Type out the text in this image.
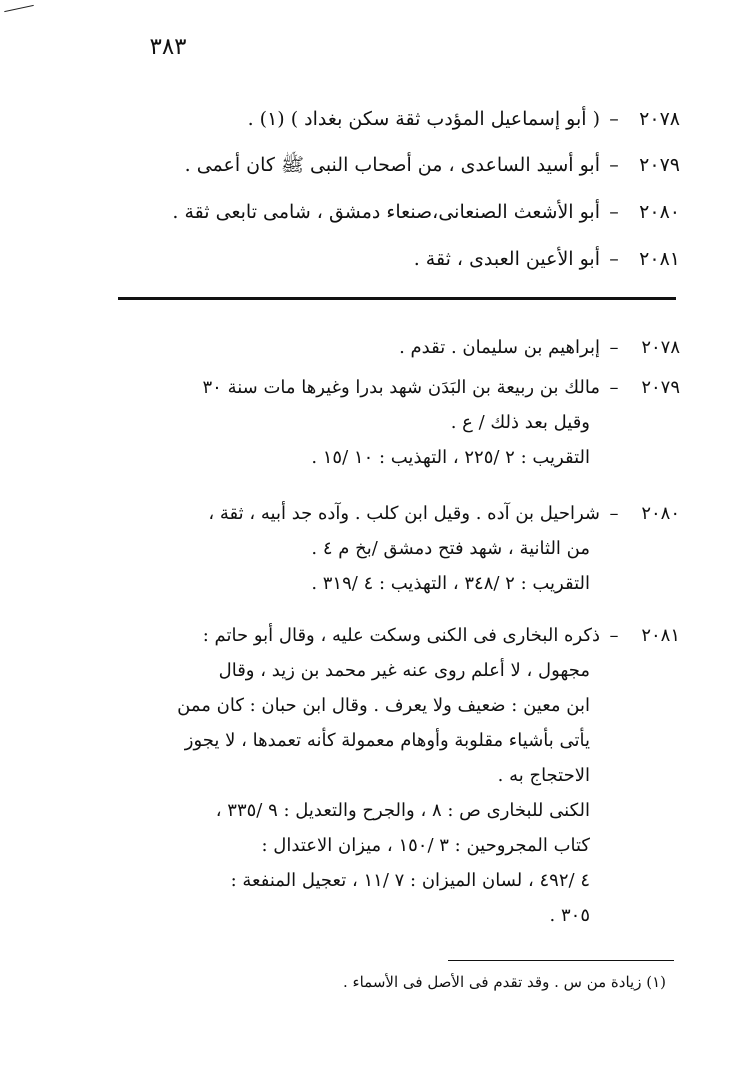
٣٨٣
٢٠٧٨–( أبو إسماعيل المؤدب ثقة سكن بغداد ) (١) .
٢٠٧٩–أبو أسيد الساعدى ، من أصحاب النبى ﷺ كان أعمى .
٢٠٨٠–أبو الأشعث الصنعانى،صنعاء دمشق ، شامى تابعى ثقة .
٢٠٨١–أبو الأعين العبدى ، ثقة .
٢٠٧٨–إبراهيم بن سليمان . تقدم .
٢٠٧٩–مالك بن ربيعة بن البَدَن شهد بدرا وغيرها مات سنة ٣٠
وقيل بعد ذلك / ع .
التقريب : ٢ /٢٢٥ ، التهذيب : ١٠ /١٥ .
٢٠٨٠–شراحيل بن آده . وقيل ابن كلب . وآده جد أبيه ، ثقة ،
من الثانية ، شهد فتح دمشق /بخ م ٤ .
التقريب : ٢ /٣٤٨ ، التهذيب : ٤ /٣١٩ .
٢٠٨١–ذكره البخارى فى الكنى وسكت عليه ، وقال أبو حاتم :
مجهول ، لا أعلم روى عنه غير محمد بن زيد ، وقال
ابن معين : ضعيف ولا يعرف . وقال ابن حبان : كان ممن
يأتى بأشياء مقلوبة وأوهام معمولة كأنه تعمدها ، لا يجوز
الاحتجاج به .
الكنى للبخارى ص : ٨ ، والجرح والتعديل : ٩ /٣٣٥ ،
كتاب المجروحين : ٣ /١٥٠ ، ميزان الاعتدال :
٤ /٤٩٢ ، لسان الميزان : ٧ /١١ ، تعجيل المنفعة :
٣٠٥ .
(١) زيادة من س . وقد تقدم فى الأصل فى الأسماء .
